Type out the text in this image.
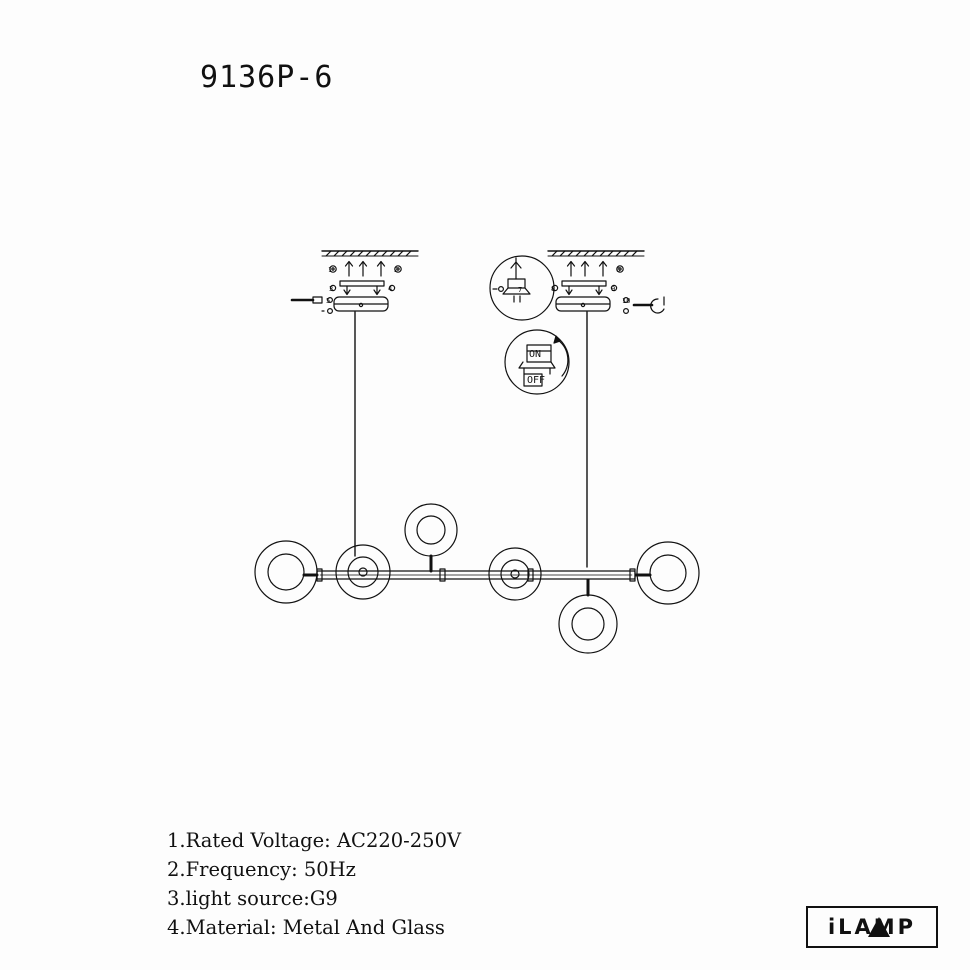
9136P-6
ON
OFF
1	2
3	4
5
6
7	8	9
10
1.Rated Voltage: AC220-250V
2.Frequency: 50Hz
3.light source:G9
4.Material: Metal And Glass	iLAMP
